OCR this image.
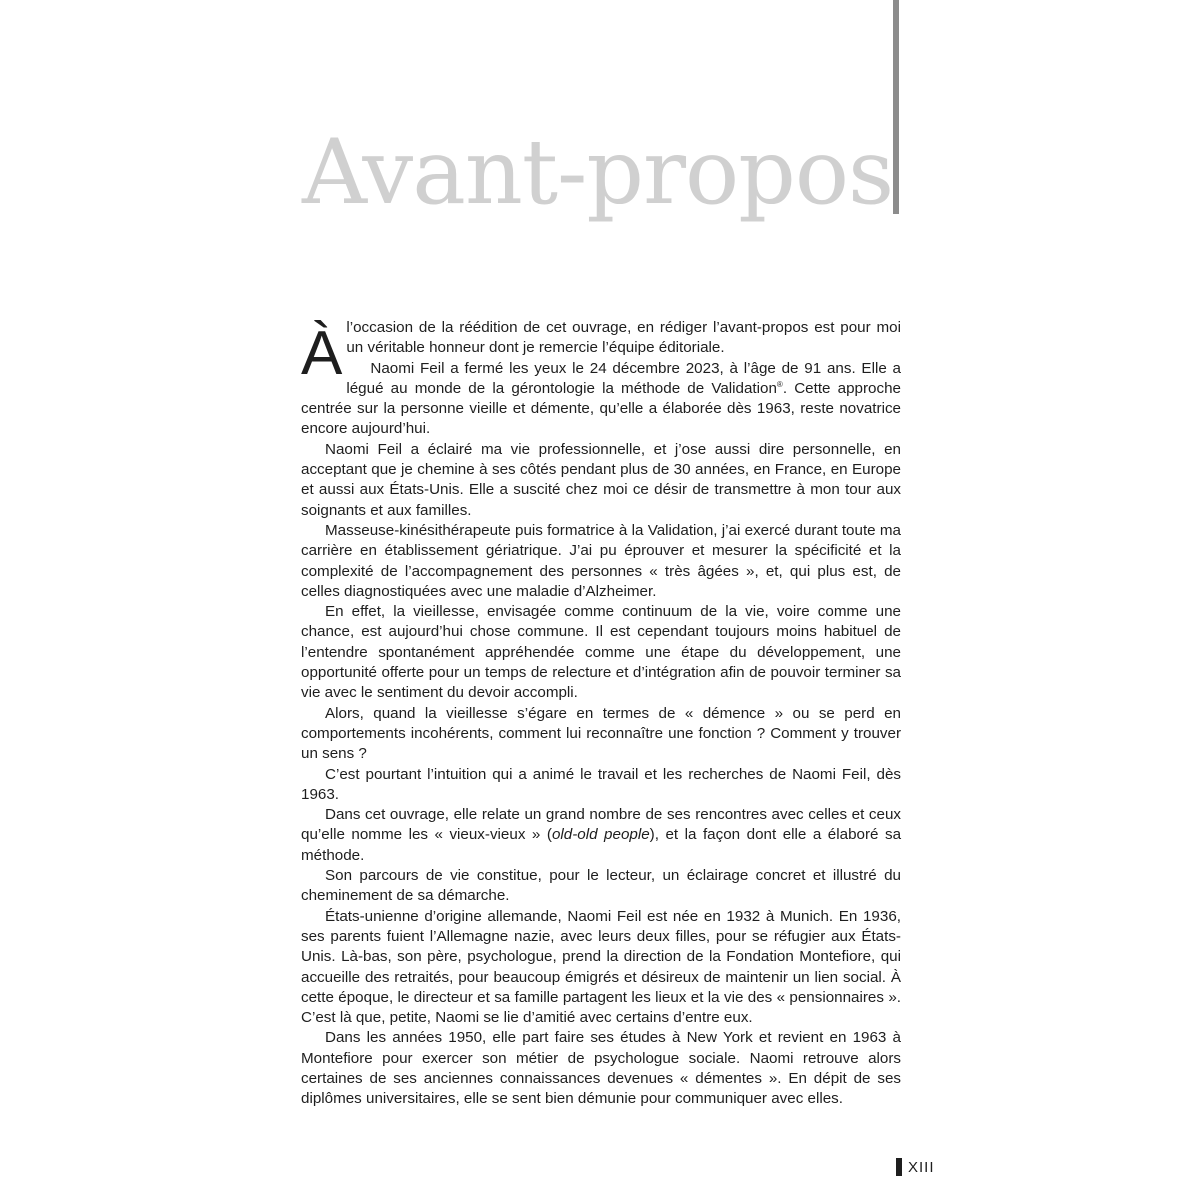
Avant-propos

Àl’occasion de la réédition de cet ouvrage, en rédiger l’avant-propos est pour moi un véritable honneur dont je remercie l’équipe éditoriale.

Naomi Feil a fermé les yeux le 24 décembre 2023, à l’âge de 91 ans. Elle a légué au monde de la gérontologie la méthode de Validation®. Cette approche centrée sur la personne vieille et démente, qu’elle a élaborée dès 1963, reste novatrice encore aujourd’hui.

Naomi Feil a éclairé ma vie professionnelle, et j’ose aussi dire personnelle, en acceptant que je chemine à ses côtés pendant plus de 30 années, en France, en Europe et aussi aux États-Unis. Elle a suscité chez moi ce désir de transmettre à mon tour aux soignants et aux familles.

Masseuse-kinésithérapeute puis formatrice à la Validation, j’ai exercé durant toute ma carrière en établissement gériatrique. J’ai pu éprouver et mesurer la spécificité et la complexité de l’accompagnement des personnes « très âgées », et, qui plus est, de celles diagnostiquées avec une maladie d’Alzheimer.

En effet, la vieillesse, envisagée comme continuum de la vie, voire comme une chance, est aujourd’hui chose commune. Il est cependant toujours moins habituel de l’entendre spontanément appréhendée comme une étape du développement, une opportunité offerte pour un temps de relecture et d’intégration afin de pouvoir terminer sa vie avec le sentiment du devoir accompli.

Alors, quand la vieillesse s’égare en termes de « démence » ou se perd en comportements incohérents, comment lui reconnaître une fonction ? Comment y trouver un sens ?

C’est pourtant l’intuition qui a animé le travail et les recherches de Naomi Feil, dès 1963.

Dans cet ouvrage, elle relate un grand nombre de ses rencontres avec celles et ceux qu’elle nomme les « vieux-vieux » (old-old people), et la façon dont elle a élaboré sa méthode.

Son parcours de vie constitue, pour le lecteur, un éclairage concret et illustré du cheminement de sa démarche.

États-unienne d’origine allemande, Naomi Feil est née en 1932 à Munich. En 1936, ses parents fuient l’Allemagne nazie, avec leurs deux filles, pour se réfugier aux États-Unis. Là-bas, son père, psychologue, prend la direction de la Fondation Montefiore, qui accueille des retraités, pour beaucoup émigrés et désireux de maintenir un lien social. À cette époque, le directeur et sa famille partagent les lieux et la vie des « pensionnaires ». C’est là que, petite, Naomi se lie d’amitié avec certains d’entre eux.

Dans les années 1950, elle part faire ses études à New York et revient en 1963 à Montefiore pour exercer son métier de psychologue sociale. Naomi retrouve alors certaines de ses anciennes connaissances devenues « démentes ». En dépit de ses diplômes universitaires, elle se sent bien démunie pour communiquer avec elles.

XIII
